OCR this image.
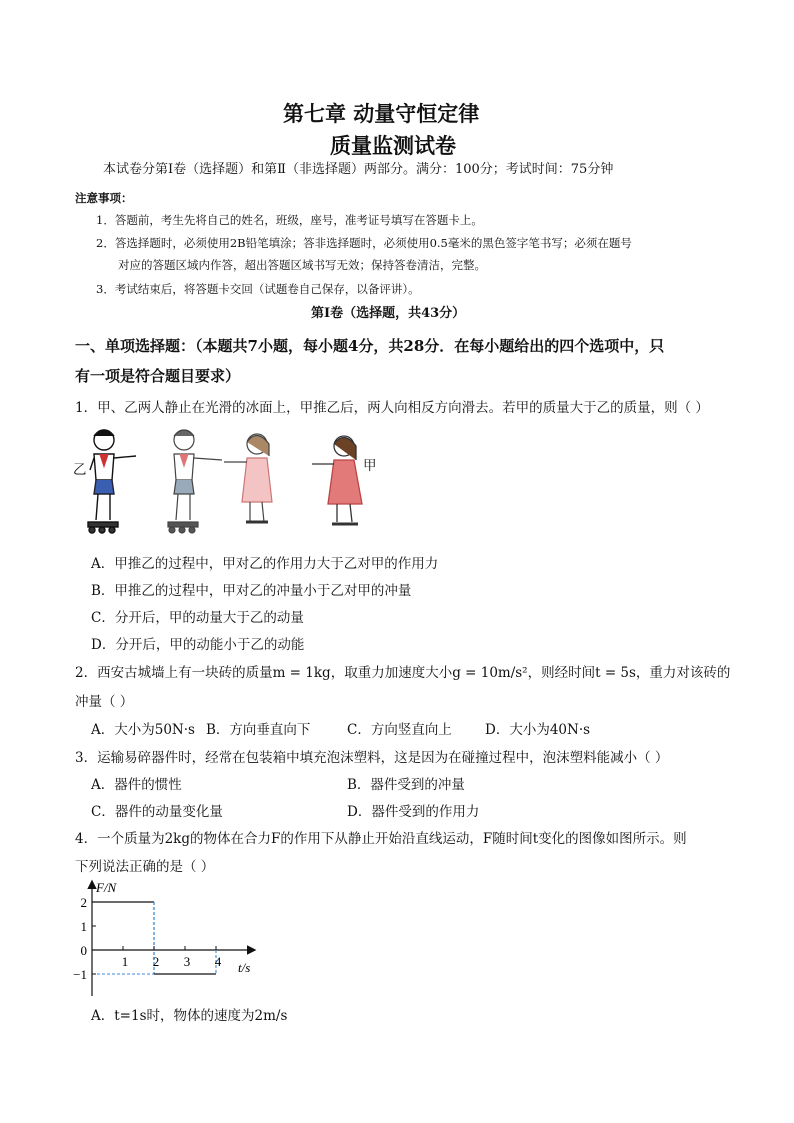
第七章 动量守恒定律
质量监测试卷
本试卷分第Ⅰ卷（选择题）和第Ⅱ（非选择题）两部分。满分：100分；考试时间：75分钟
注意事项：
1．答题前，考生先将自己的姓名，班级，座号，准考证号填写在答题卡上。
2．答选择题时，必须使用2B铅笔填涂；答非选择题时，必须使用0.5毫米的黑色签字笔书写；必须在题号
对应的答题区域内作答，超出答题区域书写无效；保持答卷清洁，完整。
3．考试结束后，将答题卡交回（试题卷自己保存，以备评讲）。
第Ⅰ卷（选择题，共43分）
一、单项选择题：（本题共7小题，每小题4分，共28分．在每小题给出的四个选项中，只
有一项是符合题目要求）
1．甲、乙两人静止在光滑的冰面上，甲推乙后，两人向相反方向滑去。若甲的质量大于乙的质量，则（ ）
乙	甲
A．甲推乙的过程中，甲对乙的作用力大于乙对甲的作用力
B．甲推乙的过程中，甲对乙的冲量小于乙对甲的冲量
C．分开后，甲的动量大于乙的动量
D．分开后，甲的动能小于乙的动能
2．西安古城墙上有一块砖的质量m = 1kg，取重力加速度大小g = 10m/s²，则经时间t = 5s，重力对该砖的
冲量（ ）
A．大小为50N·s B．方向垂直向下	C．方向竖直向上 D．大小为40N·s
3．运输易碎器件时，经常在包装箱中填充泡沫塑料，这是因为在碰撞过程中，泡沫塑料能减小（ ）
A．器件的惯性	B．器件受到的冲量
C．器件的动量变化量	D．器件受到的作用力
4．一个质量为2kg的物体在合力F的作用下从静止开始沿直线运动，F随时间t变化的图像如图所示。则
下列说法正确的是（ ）
1 2 3 4
2
1
0
−1
F/N
t/s
A．t=1s时，物体的速度为2m/s
